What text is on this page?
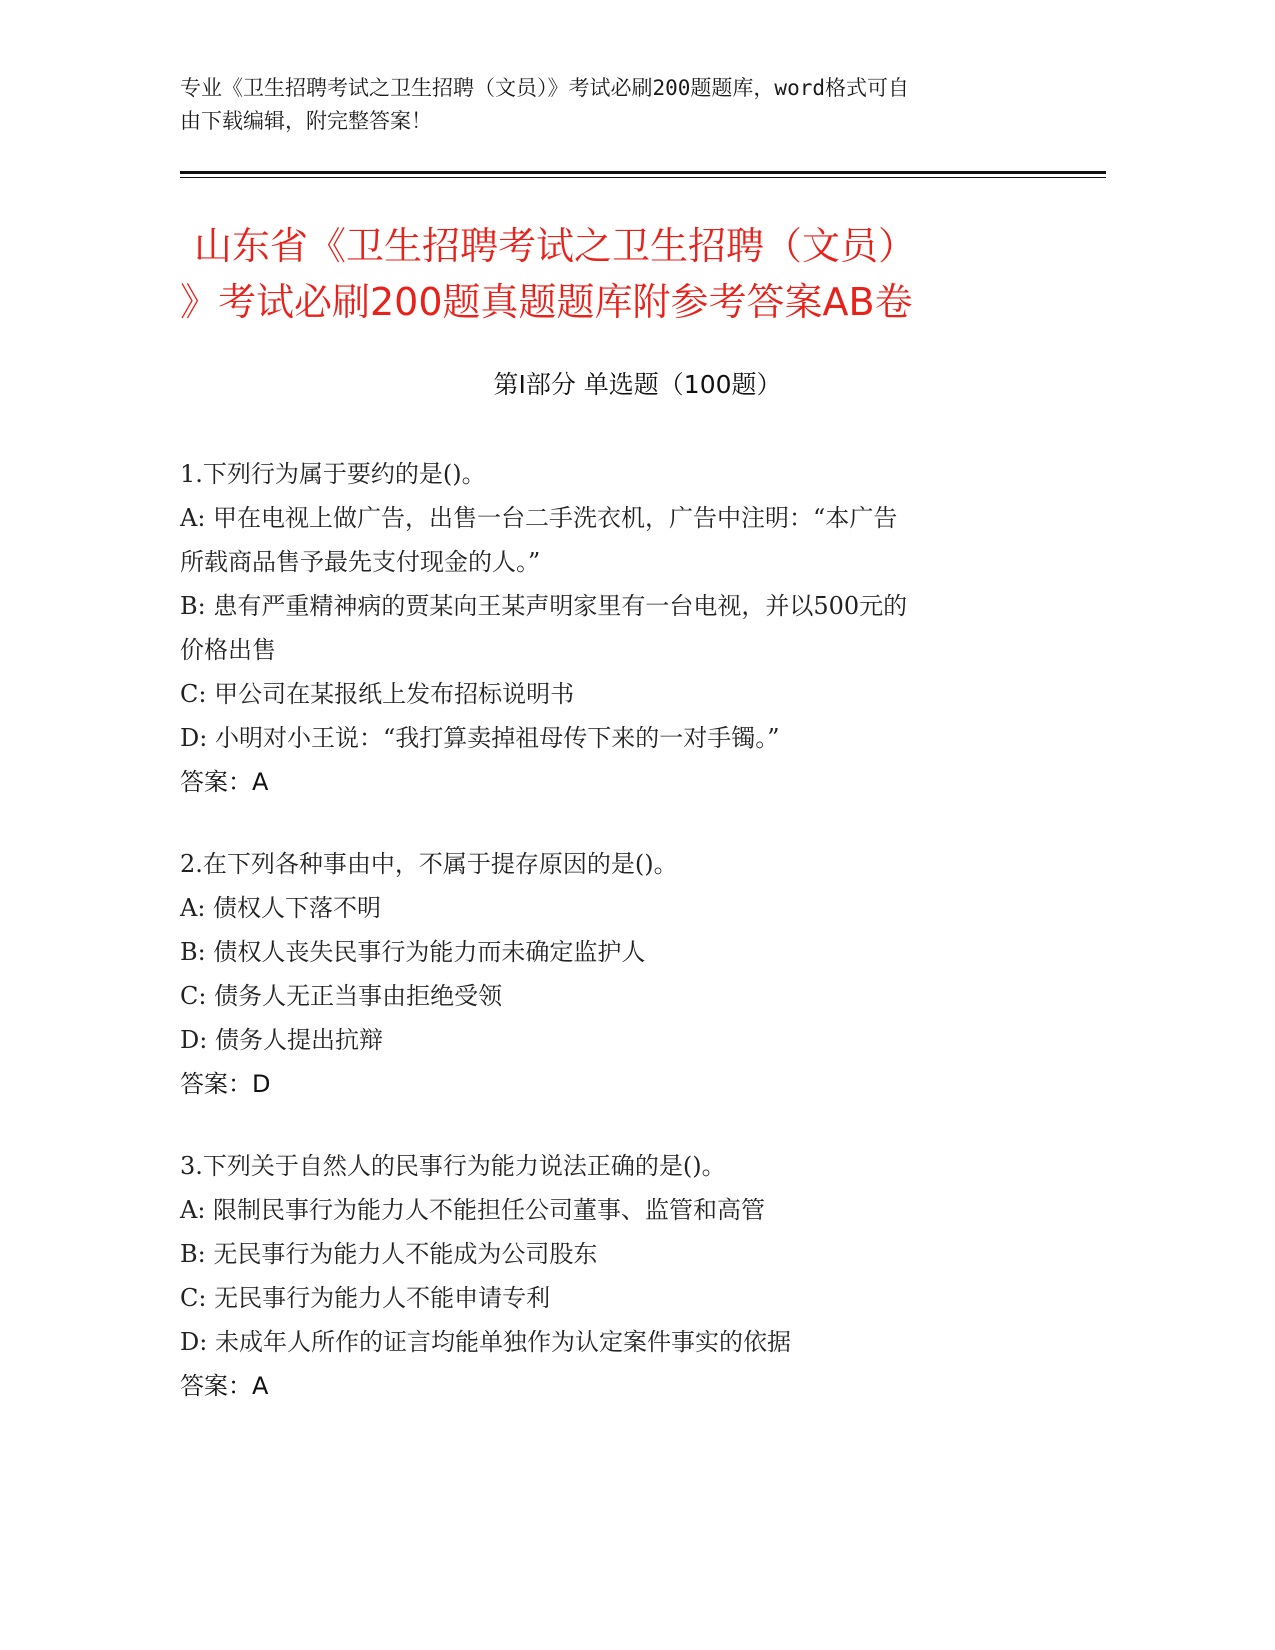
专业《卫生招聘考试之卫生招聘（文员）》考试必刷200题题库，word格式可自
由下载编辑，附完整答案！
山东省《卫生招聘考试之卫生招聘（文员）
》考试必刷200题真题题库附参考答案AB卷
第Ⅰ部分 单选题（100题）
1.下列行为属于要约的是()。
A: 甲在电视上做广告，出售一台二手洗衣机，广告中注明：“本广告
所载商品售予最先支付现金的人。”
B: 患有严重精神病的贾某向王某声明家里有一台电视，并以500元的
价格出售
C: 甲公司在某报纸上发布招标说明书
D: 小明对小王说：“我打算卖掉祖母传下来的一对手镯。”
答案：A
2.在下列各种事由中，不属于提存原因的是()。
A: 债权人下落不明
B: 债权人丧失民事行为能力而未确定监护人
C: 债务人无正当事由拒绝受领
D: 债务人提出抗辩
答案：D
3.下列关于自然人的民事行为能力说法正确的是()。
A: 限制民事行为能力人不能担任公司董事、监管和高管
B: 无民事行为能力人不能成为公司股东
C: 无民事行为能力人不能申请专利
D: 未成年人所作的证言均能单独作为认定案件事实的依据
答案：A
